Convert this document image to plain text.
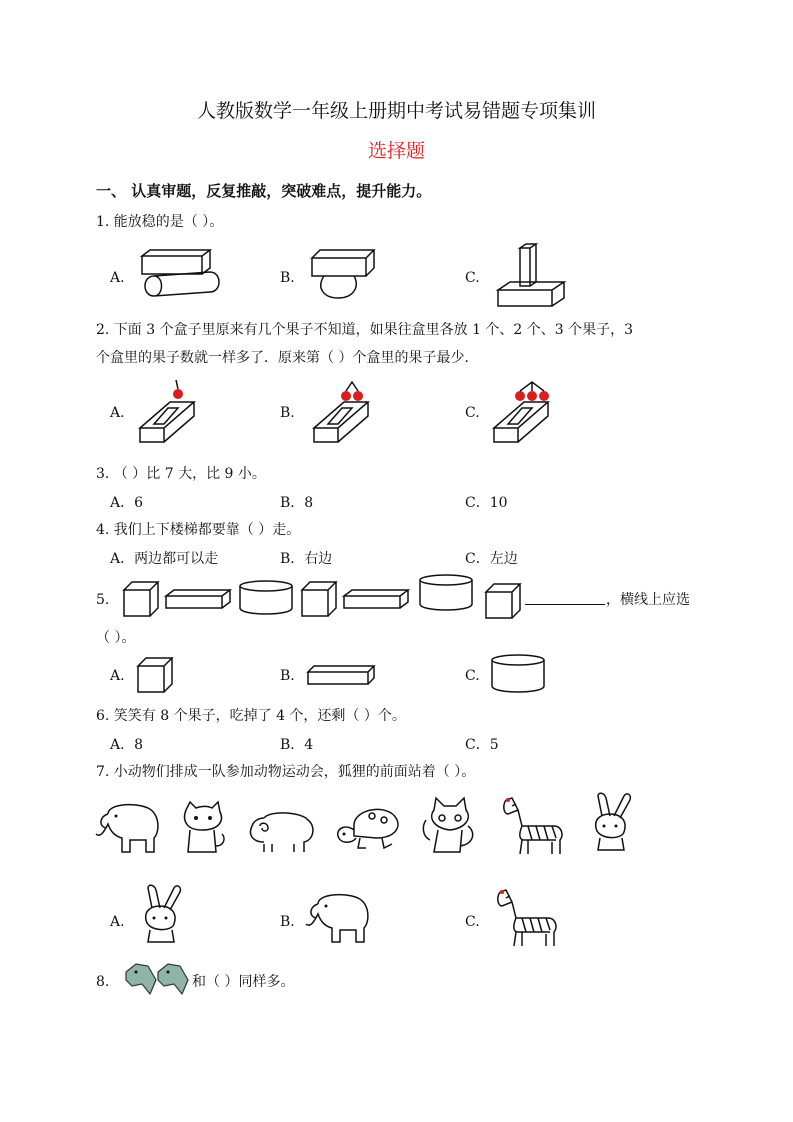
人教版数学一年级上册期中考试易错题专项集训
选择题
一、 认真审题，反复推敲，突破难点，提升能力。
1. 能放稳的是（ ）。
A.	B.	C.
2. 下面 3 个盒子里原来有几个果子不知道，如果往盒里各放 1 个、2 个、3 个果子，3
个盒里的果子数就一样多了．原来第（ ）个盒里的果子最少．
A.	B.	C.
3. （ ）比 7 大，比 9 小。
A．6	B．8	C．10
4. 我们上下楼梯都要靠（ ）走。
A．两边都可以走	B．右边	C．左边
5.	，横线上应选
（ ）。
A.	B.	C.
6. 笑笑有 8 个果子，吃掉了 4 个，还剩（ ）个。
A．8	B．4	C．5
7. 小动物们排成一队参加动物运动会，狐狸的前面站着（ ）。
A.	B.	C.
8.	和（ ）同样多。
